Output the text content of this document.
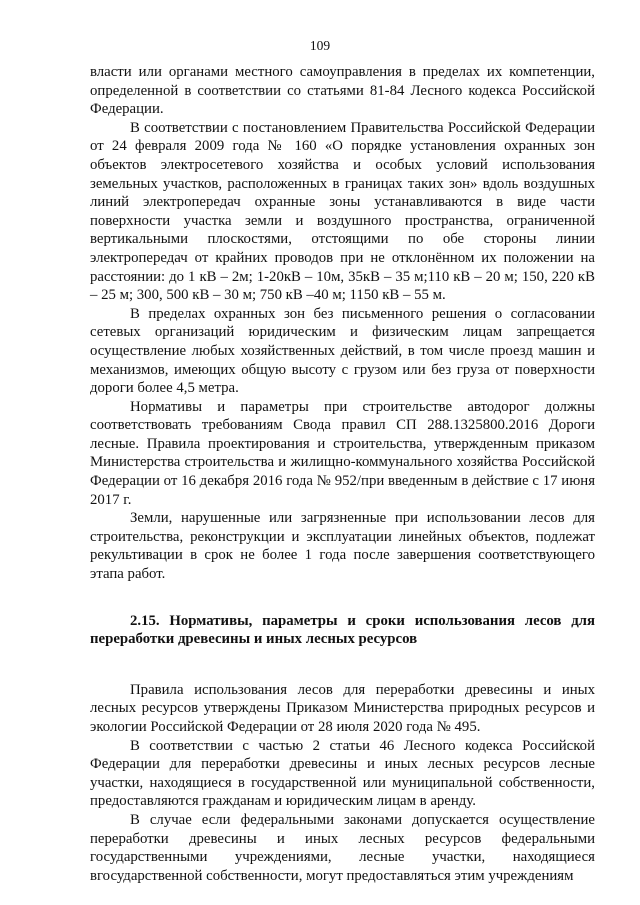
109

власти или органами местного самоуправления в пределах их компетенции, определенной в соответствии со статьями 81-84 Лесного кодекса Российской Федерации.

В соответствии с постановлением Правительства Российской Федерации от 24 февраля 2009 года № 160 «О порядке установления охранных зон объектов электросетевого хозяйства и особых условий использования земельных участков, расположенных в границах таких зон» вдоль воздушных линий электропередач охранные зоны устанавливаются в виде части поверхности участка земли и воздушного пространства, ограниченной вертикальными плоскостями, отстоящими по обе стороны линии электропередач от крайних проводов при не отклонённом их положении на расстоянии: до 1 кВ – 2м; 1-20кВ – 10м, 35кВ – 35 м;110 кВ – 20 м; 150, 220 кВ – 25 м; 300, 500 кВ – 30 м; 750 кВ –40 м; 1150 кВ – 55 м.

В пределах охранных зон без письменного решения о согласовании сетевых организаций юридическим и физическим лицам запрещается осуществление любых хозяйственных действий, в том числе проезд машин и механизмов, имеющих общую высоту с грузом или без груза от поверхности дороги более 4,5 метра.

Нормативы и параметры при строительстве автодорог должны соответствовать требованиям Свода правил СП 288.1325800.2016 Дороги лесные. Правила проектирования и строительства, утвержденным приказом Министерства строительства и жилищно-коммунального хозяйства Российской Федерации от 16 декабря 2016 года № 952/при введенным в действие с 17 июня 2017 г.

Земли, нарушенные или загрязненные при использовании лесов для строительства, реконструкции и эксплуатации линейных объектов, подлежат рекультивации в срок не более 1 года после завершения соответствующего этапа работ.

2.15. Нормативы, параметры и сроки использования лесов для переработки древесины и иных лесных ресурсов

Правила использования лесов для переработки древесины и иных лесных ресурсов утверждены Приказом Министерства природных ресурсов и экологии Российской Федерации от 28 июля 2020 года № 495.

В соответствии с частью 2 статьи 46 Лесного кодекса Российской Федерации для переработки древесины и иных лесных ресурсов лесные участки, находящиеся в государственной или муниципальной собственности, предоставляются гражданам и юридическим лицам в аренду.

В случае если федеральными законами допускается осуществление переработки древесины и иных лесных ресурсов федеральными государственными учреждениями, лесные участки, находящиеся вгосударственной собственности, могут предоставляться этим учреждениям
